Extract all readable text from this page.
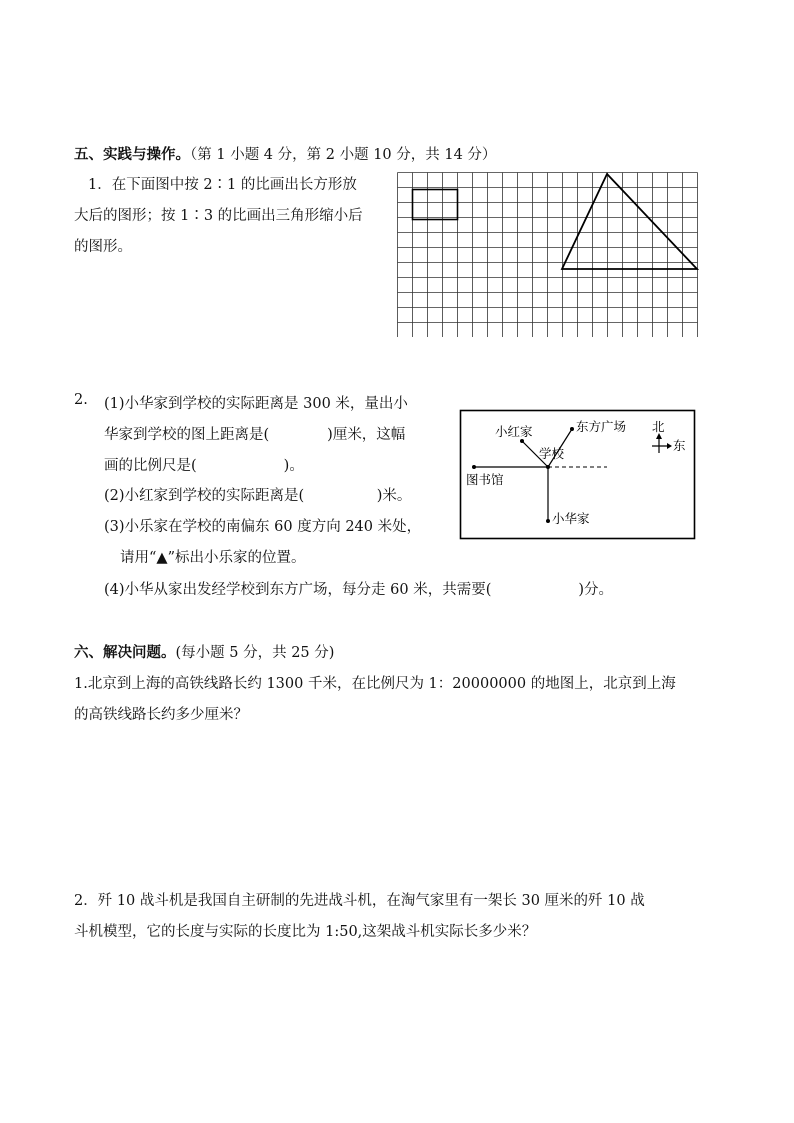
五、实践与操作。（第 1 小题 4 分，第 2 小题 10 分，共 14 分）
1．在下面图中按 2∶1 的比画出长方形放
大后的图形；按 1∶3 的比画出三角形缩小后
的图形。
2. (1)小华家到学校的实际距离是 300 米，量出小
华家到学校的图上距离是(　　　　)厘米，这幅
画的比例尺是(　　　　　　)。
(2)小红家到学校的实际距离是(　　　　　)米。
(3)小乐家在学校的南偏东 60 度方向 240 米处，
请用“▲”标出小乐家的位置。
(4)小华从家出发经学校到东方广场，每分走 60 米，共需要(　　　　　　)分。
小红家	东方广场
学校
图书馆
小华家
北
东
六、解决问题。(每小题 5 分，共 25 分)
1.北京到上海的高铁线路长约 1300 千米，在比例尺为 1：20000000 的地图上，北京到上海
的高铁线路长约多少厘米？
2．歼 10 战斗机是我国自主研制的先进战斗机，在淘气家里有一架长 30 厘米的歼 10 战
斗机模型，它的长度与实际的长度比为 1:50,这架战斗机实际长多少米？
